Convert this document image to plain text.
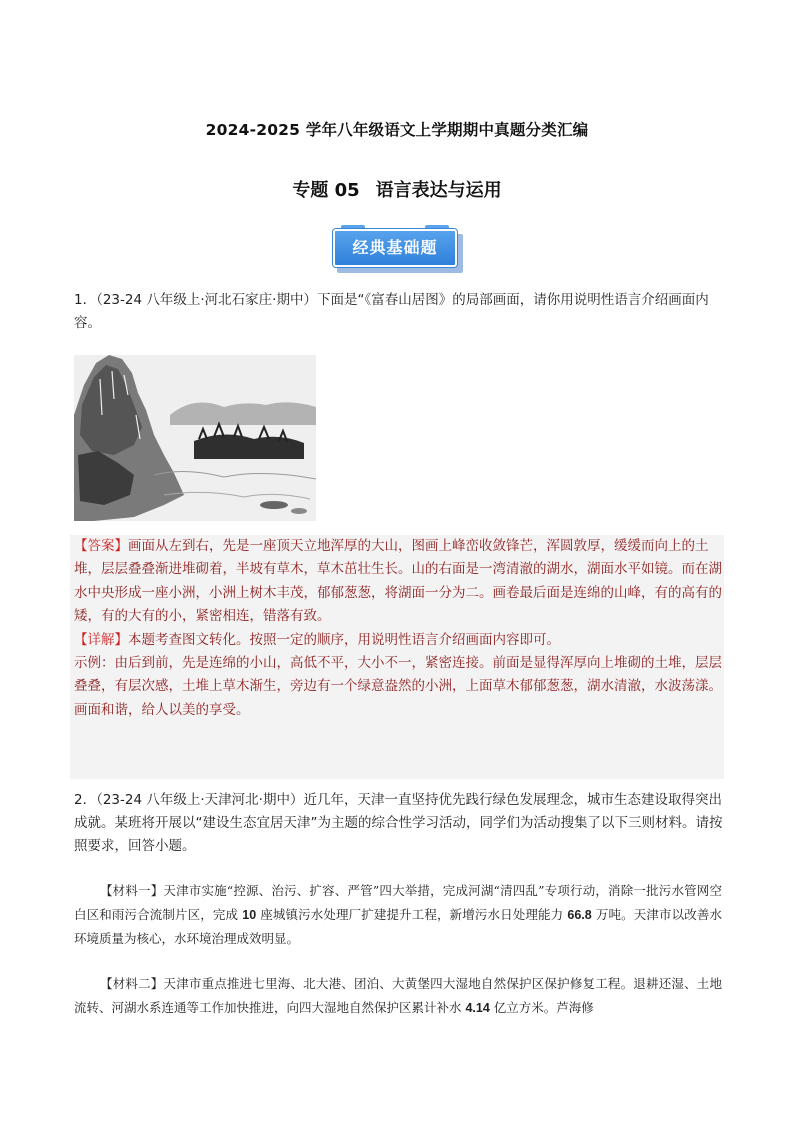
2024-2025 学年八年级语文上学期期中真题分类汇编
专题 05 语言表达与运用
经典基础题
1．（23-24 八年级上·河北石家庄·期中）下面是“《富春山居图》的局部画面，请你用说明性语言介绍画面内容。

【答案】画面从左到右，先是一座顶天立地浑厚的大山，图画上峰峦收敛锋芒，浑圆敦厚，缓缓而向上的土堆，层层叠叠渐进堆砌着，半坡有草木，草木茁壮生长。山的右面是一湾清澈的湖水，湖面水平如镜。而在湖水中央形成一座小洲，小洲上树木丰茂，郁郁葱葱，将湖面一分为二。画卷最后面是连绵的山峰，有的高有的矮，有的大有的小，紧密相连，错落有致。

【详解】本题考查图文转化。按照一定的顺序，用说明性语言介绍画面内容即可。

示例：由后到前，先是连绵的小山，高低不平，大小不一，紧密连接。前面是显得浑厚向上堆砌的土堆，层层叠叠，有层次感，土堆上草木渐生，旁边有一个绿意盎然的小洲，上面草木郁郁葱葱，湖水清澈，水波荡漾。画面和谐，给人以美的享受。

2．（23-24 八年级上·天津河北·期中）近几年，天津一直坚持优先践行绿色发展理念，城市生态建设取得突出成就。某班将开展以“建设生态宜居天津”为主题的综合性学习活动，同学们为活动搜集了以下三则材料。请按照要求，回答小题。
【材料一】天津市实施“控源、治污、扩容、严管”四大举措，完成河湖“清四乱”专项行动，消除一批污水管网空白区和雨污合流制片区，完成 10 座城镇污水处理厂扩建提升工程，新增污水日处理能力 66.8 万吨。天津市以改善水环境质量为核心，水环境治理成效明显。
【材料二】天津市重点推进七里海、北大港、团泊、大黄堡四大湿地自然保护区保护修复工程。退耕还湿、土地流转、河湖水系连通等工作加快推进，向四大湿地自然保护区累计补水 4.14 亿立方米。芦海修
